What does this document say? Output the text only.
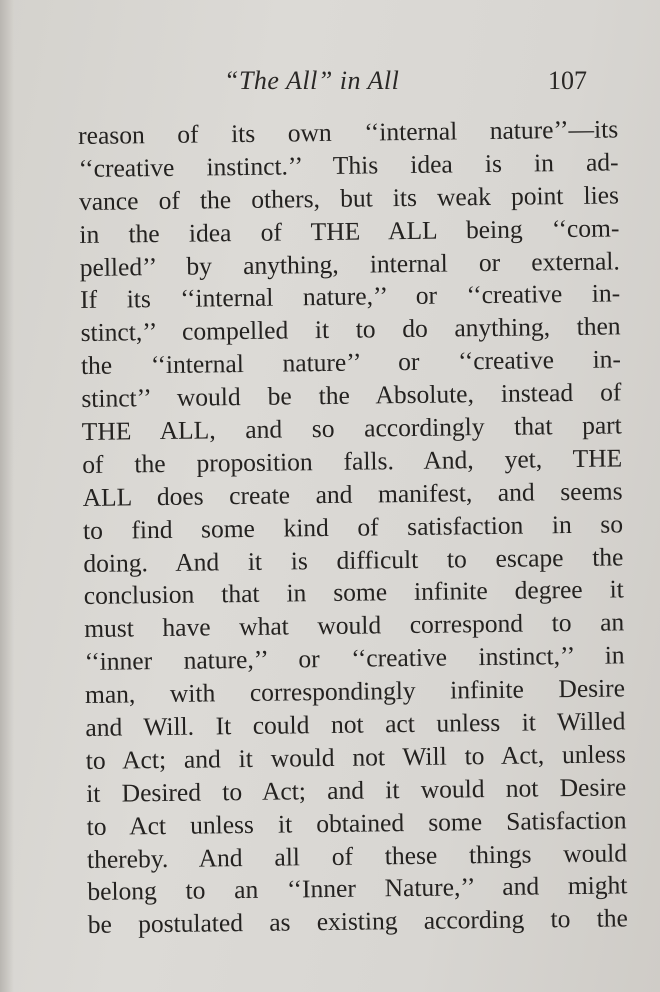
“The All” in All	107
reason of its own ‘‘internal nature’’—its
‘‘creative instinct.’’ This idea is in ad-
vance of the others, but its weak point lies
in the idea of THE ALL being ‘‘com-
pelled’’ by anything, internal or external.
If its ‘‘internal nature,’’ or ‘‘creative in-
stinct,’’ compelled it to do anything, then
the ‘‘internal nature’’ or ‘‘creative in-
stinct’’ would be the Absolute, instead of
THE ALL, and so accordingly that part
of the proposition falls. And, yet, THE
ALL does create and manifest, and seems
to find some kind of satisfaction in so
doing. And it is difficult to escape the
conclusion that in some infinite degree it
must have what would correspond to an
‘‘inner nature,’’ or ‘‘creative instinct,’’ in
man, with correspondingly infinite Desire
and Will. It could not act unless it Willed
to Act; and it would not Will to Act, unless
it Desired to Act; and it would not Desire
to Act unless it obtained some Satisfaction
thereby. And all of these things would
belong to an ‘‘Inner Nature,’’ and might
be postulated as existing according to the
